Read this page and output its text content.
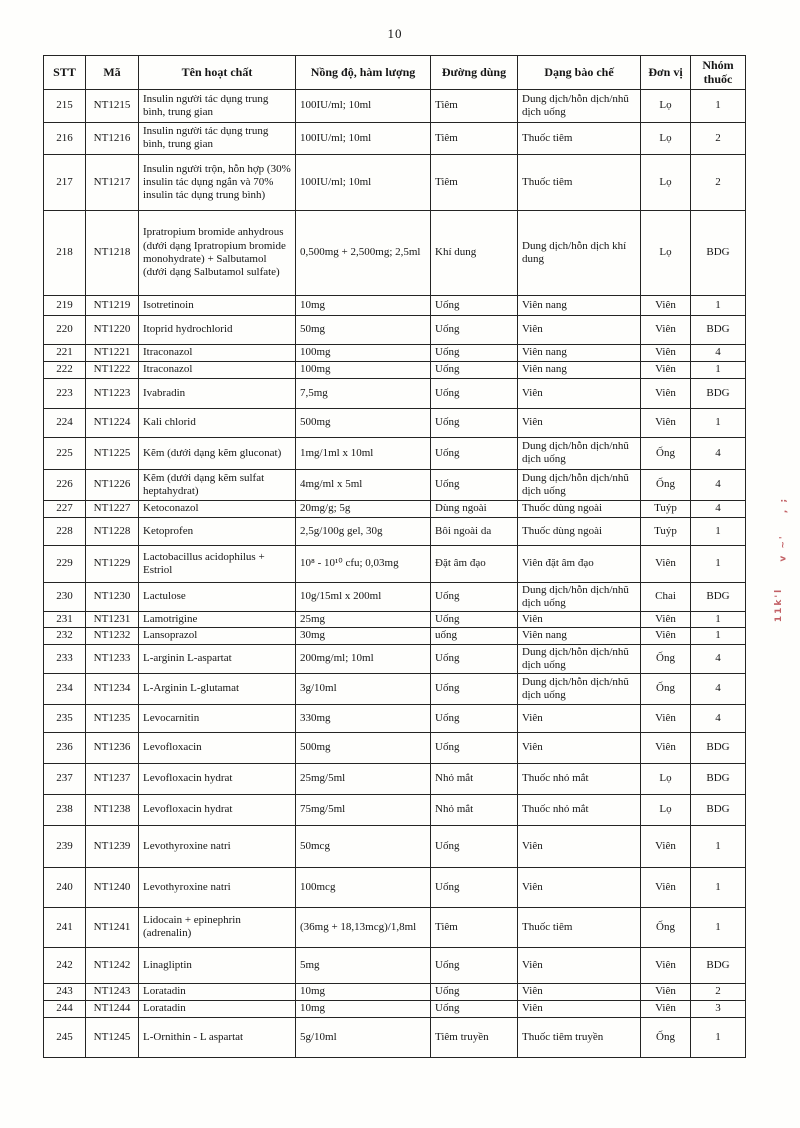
10
STT	Mã	Tên hoạt chất	Nồng độ, hàm lượng	Đường dùng	Dạng bào chế	Đơn vị	Nhóm thuốc
215	NT1215	Insulin người tác dụng trung bình, trung gian	100IU/ml; 10ml	Tiêm	Dung dịch/hỗn dịch/nhũ dịch uống	Lọ	1
216	NT1216	Insulin người tác dụng trung bình, trung gian	100IU/ml; 10ml	Tiêm	Thuốc tiêm	Lọ	2
217	NT1217	Insulin người trộn, hỗn hợp (30% insulin tác dụng ngắn và 70% insulin tác dụng trung bình)	100IU/ml; 10ml	Tiêm	Thuốc tiêm	Lọ	2
218	NT1218	Ipratropium bromide anhydrous (dưới dạng Ipratropium bromide monohydrate) + Salbutamol (dưới dạng Salbutamol sulfate)	0,500mg + 2,500mg; 2,5ml	Khí dung	Dung dịch/hỗn dịch khí dung	Lọ	BDG
219	NT1219	Isotretinoin	10mg	Uống	Viên nang	Viên	1
220	NT1220	Itoprid hydrochlorid	50mg	Uống	Viên	Viên	BDG
221	NT1221	Itraconazol	100mg	Uống	Viên nang	Viên	4
222	NT1222	Itraconazol	100mg	Uống	Viên nang	Viên	1
223	NT1223	Ivabradin	7,5mg	Uống	Viên	Viên	BDG
224	NT1224	Kali chlorid	500mg	Uống	Viên	Viên	1
225	NT1225	Kẽm (dưới dạng kẽm gluconat)	1mg/1ml x 10ml	Uống	Dung dịch/hỗn dịch/nhũ dịch uống	Ống	4
226	NT1226	Kẽm (dưới dạng kẽm sulfat heptahydrat)	4mg/ml x 5ml	Uống	Dung dịch/hỗn dịch/nhũ dịch uống	Ống	4
227	NT1227	Ketoconazol	20mg/g; 5g	Dùng ngoài	Thuốc dùng ngoài	Tuýp	4
228	NT1228	Ketoprofen	2,5g/100g gel, 30g	Bôi ngoài da	Thuốc dùng ngoài	Tuýp	1
229	NT1229	Lactobacillus acidophilus + Estriol	10⁸ - 10¹⁰ cfu; 0,03mg	Đặt âm đạo	Viên đặt âm đạo	Viên	1
230	NT1230	Lactulose	10g/15ml x 200ml	Uống	Dung dịch/hỗn dịch/nhũ dịch uống	Chai	BDG
231	NT1231	Lamotrigine	25mg	Uống	Viên	Viên	1
232	NT1232	Lansoprazol	30mg	uống	Viên nang	Viên	1
233	NT1233	L-arginin L-aspartat	200mg/ml; 10ml	Uống	Dung dịch/hỗn dịch/nhũ dịch uống	Ống	4
234	NT1234	L-Arginin L-glutamat	3g/10ml	Uống	Dung dịch/hỗn dịch/nhũ dịch uống	Ống	4
235	NT1235	Levocarnitin	330mg	Uống	Viên	Viên	4
236	NT1236	Levofloxacin	500mg	Uống	Viên	Viên	BDG
237	NT1237	Levofloxacin hydrat	25mg/5ml	Nhỏ mắt	Thuốc nhỏ mắt	Lọ	BDG
238	NT1238	Levofloxacin hydrat	75mg/5ml	Nhỏ mắt	Thuốc nhỏ mắt	Lọ	BDG
239	NT1239	Levothyroxine natri	50mcg	Uống	Viên	Viên	1
240	NT1240	Levothyroxine natri	100mcg	Uống	Viên	Viên	1
241	NT1241	Lidocain + epinephrin (adrenalin)	(36mg + 18,13mcg)/1,8ml	Tiêm	Thuốc tiêm	Ống	1
242	NT1242	Linagliptin	5mg	Uống	Viên	Viên	BDG
243	NT1243	Loratadin	10mg	Uống	Viên	Viên	2
244	NT1244	Loratadin	10mg	Uống	Viên	Viên	3
245	NT1245	L-Ornithin - L aspartat	5g/10ml	Tiêm truyền	Thuốc tiêm truyền	Ống	1
, ;
v ~'
11k'l
